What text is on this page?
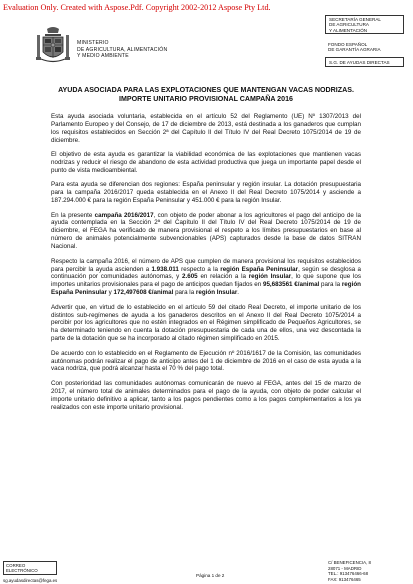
Evaluation Only. Created with Aspose.Pdf. Copyright 2002-2012 Aspose Pty Ltd.
MINISTERIO
DE AGRICULTURA, ALIMENTACIÓN
Y MEDIO AMBIENTE
SECRETARÍA GENERAL
DE AGRICULTURA
Y ALIMENTACIÓN
FONDO ESPAÑOL
DE GARANTÍA AGRARIA
S.G. DE AYUDAS DIRECTAS
AYUDA ASOCIADA PARA LAS EXPLOTACIONES QUE MANTENGAN VACAS NODRIZAS. IMPORTE UNITARIO PROVISIONAL CAMPAÑA 2016

Esta ayuda asociada voluntaria, establecida en el artículo 52 del Reglamento (UE) Nº 1307/2013 del Parlamento Europeo y del Consejo, de 17 de diciembre de 2013, está destinada a los ganaderos que cumplan los requisitos establecidos en Sección 2ª del Capítulo II del Título IV del Real Decreto 1075/2014 de 19 de diciembre.

El objetivo de esta ayuda es garantizar la viabilidad económica de las explotaciones que mantienen vacas nodrizas y reducir el riesgo de abandono de esta actividad productiva que juega un importante papel desde el punto de vista medioambiental.

Para esta ayuda se diferencian dos regiones: España peninsular y región insular. La dotación presupuestaria para la campaña 2016/2017 queda establecida en el Anexo II del Real Decreto 1075/2014 y asciende a 187.294.000 € para la región España Peninsular y 451.000 € para la región Insular.

En la presente campaña 2016/2017, con objeto de poder abonar a los agricultores el pago del anticipo de la ayuda contemplada en la Sección 2ª del Capítulo II del Título IV del Real Decreto 1075/2014 de 19 de diciembre, el FEGA ha verificado de manera provisional el respeto a los límites presupuestarios en base al número de animales potencialmente subvencionables (APS) capturados desde la base de datos SITRAN Nacional.

Respecto la campaña 2016, el número de APS que cumplen de manera provisional los requisitos establecidos para percibir la ayuda ascienden a 1.938.011 respecto a la región España Peninsular, según se desglosa a continuación por comunidades autónomas, y 2.605 en relación a la región Insular, lo que supone que los importes unitarios provisionales para el pago de anticipos quedan fijados en 95,683561 €/animal para la región España Peninsular y 172,497608 €/animal para la región Insular.

Advertir que, en virtud de lo establecido en el artículo 59 del citado Real Decreto, el importe unitario de los distintos sub-regímenes de ayuda a los ganaderos descritos en el Anexo II del Real Decreto 1075/2014 a percibir por los agricultores que no estén integrados en el Régimen simplificado de Pequeños Agricultores, se ha determinado teniendo en cuenta la dotación presupuestaria de cada una de ellos, una vez descontada la parte de la dotación que se ha incorporado al citado régimen simplificado en 2015.

De acuerdo con lo establecido en el Reglamento de Ejecución nº 2016/1617 de la Comisión, las comunidades autónomas podrán realizar el pago de anticipo antes del 1 de diciembre de 2016 en el caso de esta ayuda a la vaca nodriza, que podrá alcanzar hasta el 70 % del pago total.

Con posterioridad las comunidades autónomas comunicarán de nuevo al FEGA, antes del 15 de marzo de 2017, el número total de animales determinados para el pago de la ayuda, con objeto de poder calcular el importe unitario definitivo a aplicar, tanto a los pagos pendientes como a los pagos complementarios a los ya realizados con este importe unitario provisional.

CORREO ELECTRÓNICO
sg.ayudasdirectas@fega.es
Página 1 de 2
C/ BENEFICENCIA, 8
28071 - MADRID
TEL.: 913476466-68
FAX: 913476465
